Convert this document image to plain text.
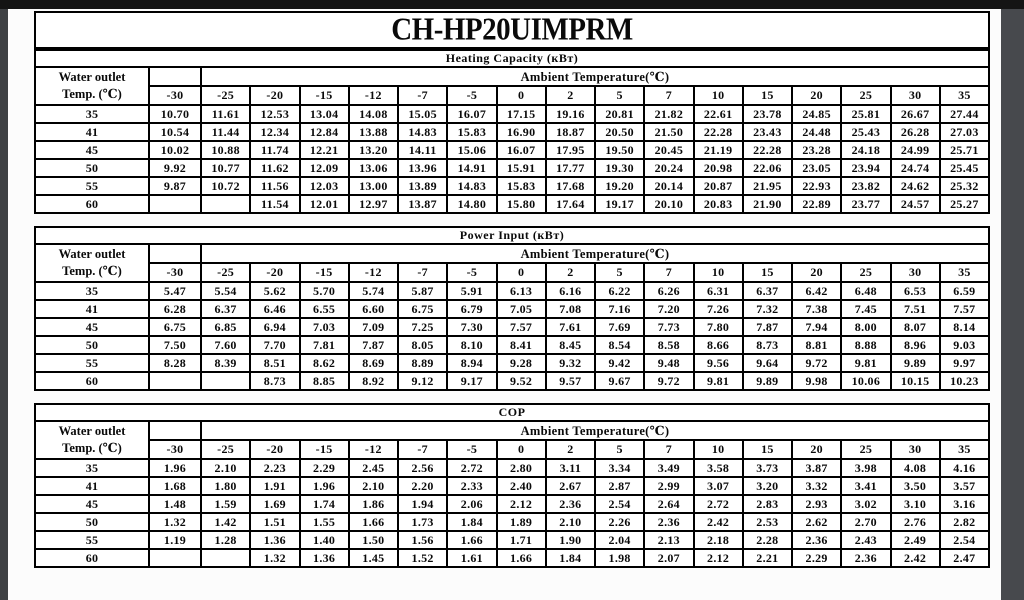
CH-HP20UIMPRM
Heating Capacity (кВт)																	

Water outlet
Temp. (℃)		Ambient Temperature(℃)															
	-30	-25	-20	-15	-12	-7	-5	0	2	5	7	10	15	20	25	30	35
35	10.70	11.61	12.53	13.04	14.08	15.05	16.07	17.15	19.16	20.81	21.82	22.61	23.78	24.85	25.81	26.67	27.44
41	10.54	11.44	12.34	12.84	13.88	14.83	15.83	16.90	18.87	20.50	21.50	22.28	23.43	24.48	25.43	26.28	27.03
45	10.02	10.88	11.74	12.21	13.20	14.11	15.06	16.07	17.95	19.50	20.45	21.19	22.28	23.28	24.18	24.99	25.71
50	9.92	10.77	11.62	12.09	13.06	13.96	14.91	15.91	17.77	19.30	20.24	20.98	22.06	23.05	23.94	24.74	25.45
55	9.87	10.72	11.56	12.03	13.00	13.89	14.83	15.83	17.68	19.20	20.14	20.87	21.95	22.93	23.82	24.62	25.32
60			11.54	12.01	12.97	13.87	14.80	15.80	17.64	19.17	20.10	20.83	21.90	22.89	23.77	24.57	25.27
Power Input (кВт)																	

Water outlet
Temp. (℃)		Ambient Temperature(℃)															
	-30	-25	-20	-15	-12	-7	-5	0	2	5	7	10	15	20	25	30	35
35	5.47	5.54	5.62	5.70	5.74	5.87	5.91	6.13	6.16	6.22	6.26	6.31	6.37	6.42	6.48	6.53	6.59
41	6.28	6.37	6.46	6.55	6.60	6.75	6.79	7.05	7.08	7.16	7.20	7.26	7.32	7.38	7.45	7.51	7.57
45	6.75	6.85	6.94	7.03	7.09	7.25	7.30	7.57	7.61	7.69	7.73	7.80	7.87	7.94	8.00	8.07	8.14
50	7.50	7.60	7.70	7.81	7.87	8.05	8.10	8.41	8.45	8.54	8.58	8.66	8.73	8.81	8.88	8.96	9.03
55	8.28	8.39	8.51	8.62	8.69	8.89	8.94	9.28	9.32	9.42	9.48	9.56	9.64	9.72	9.81	9.89	9.97
60			8.73	8.85	8.92	9.12	9.17	9.52	9.57	9.67	9.72	9.81	9.89	9.98	10.06	10.15	10.23
COP																	

Water outlet
Temp. (℃)		Ambient Temperature(℃)															
	-30	-25	-20	-15	-12	-7	-5	0	2	5	7	10	15	20	25	30	35
35	1.96	2.10	2.23	2.29	2.45	2.56	2.72	2.80	3.11	3.34	3.49	3.58	3.73	3.87	3.98	4.08	4.16
41	1.68	1.80	1.91	1.96	2.10	2.20	2.33	2.40	2.67	2.87	2.99	3.07	3.20	3.32	3.41	3.50	3.57
45	1.48	1.59	1.69	1.74	1.86	1.94	2.06	2.12	2.36	2.54	2.64	2.72	2.83	2.93	3.02	3.10	3.16
50	1.32	1.42	1.51	1.55	1.66	1.73	1.84	1.89	2.10	2.26	2.36	2.42	2.53	2.62	2.70	2.76	2.82
55	1.19	1.28	1.36	1.40	1.50	1.56	1.66	1.71	1.90	2.04	2.13	2.18	2.28	2.36	2.43	2.49	2.54
60			1.32	1.36	1.45	1.52	1.61	1.66	1.84	1.98	2.07	2.12	2.21	2.29	2.36	2.42	2.47
